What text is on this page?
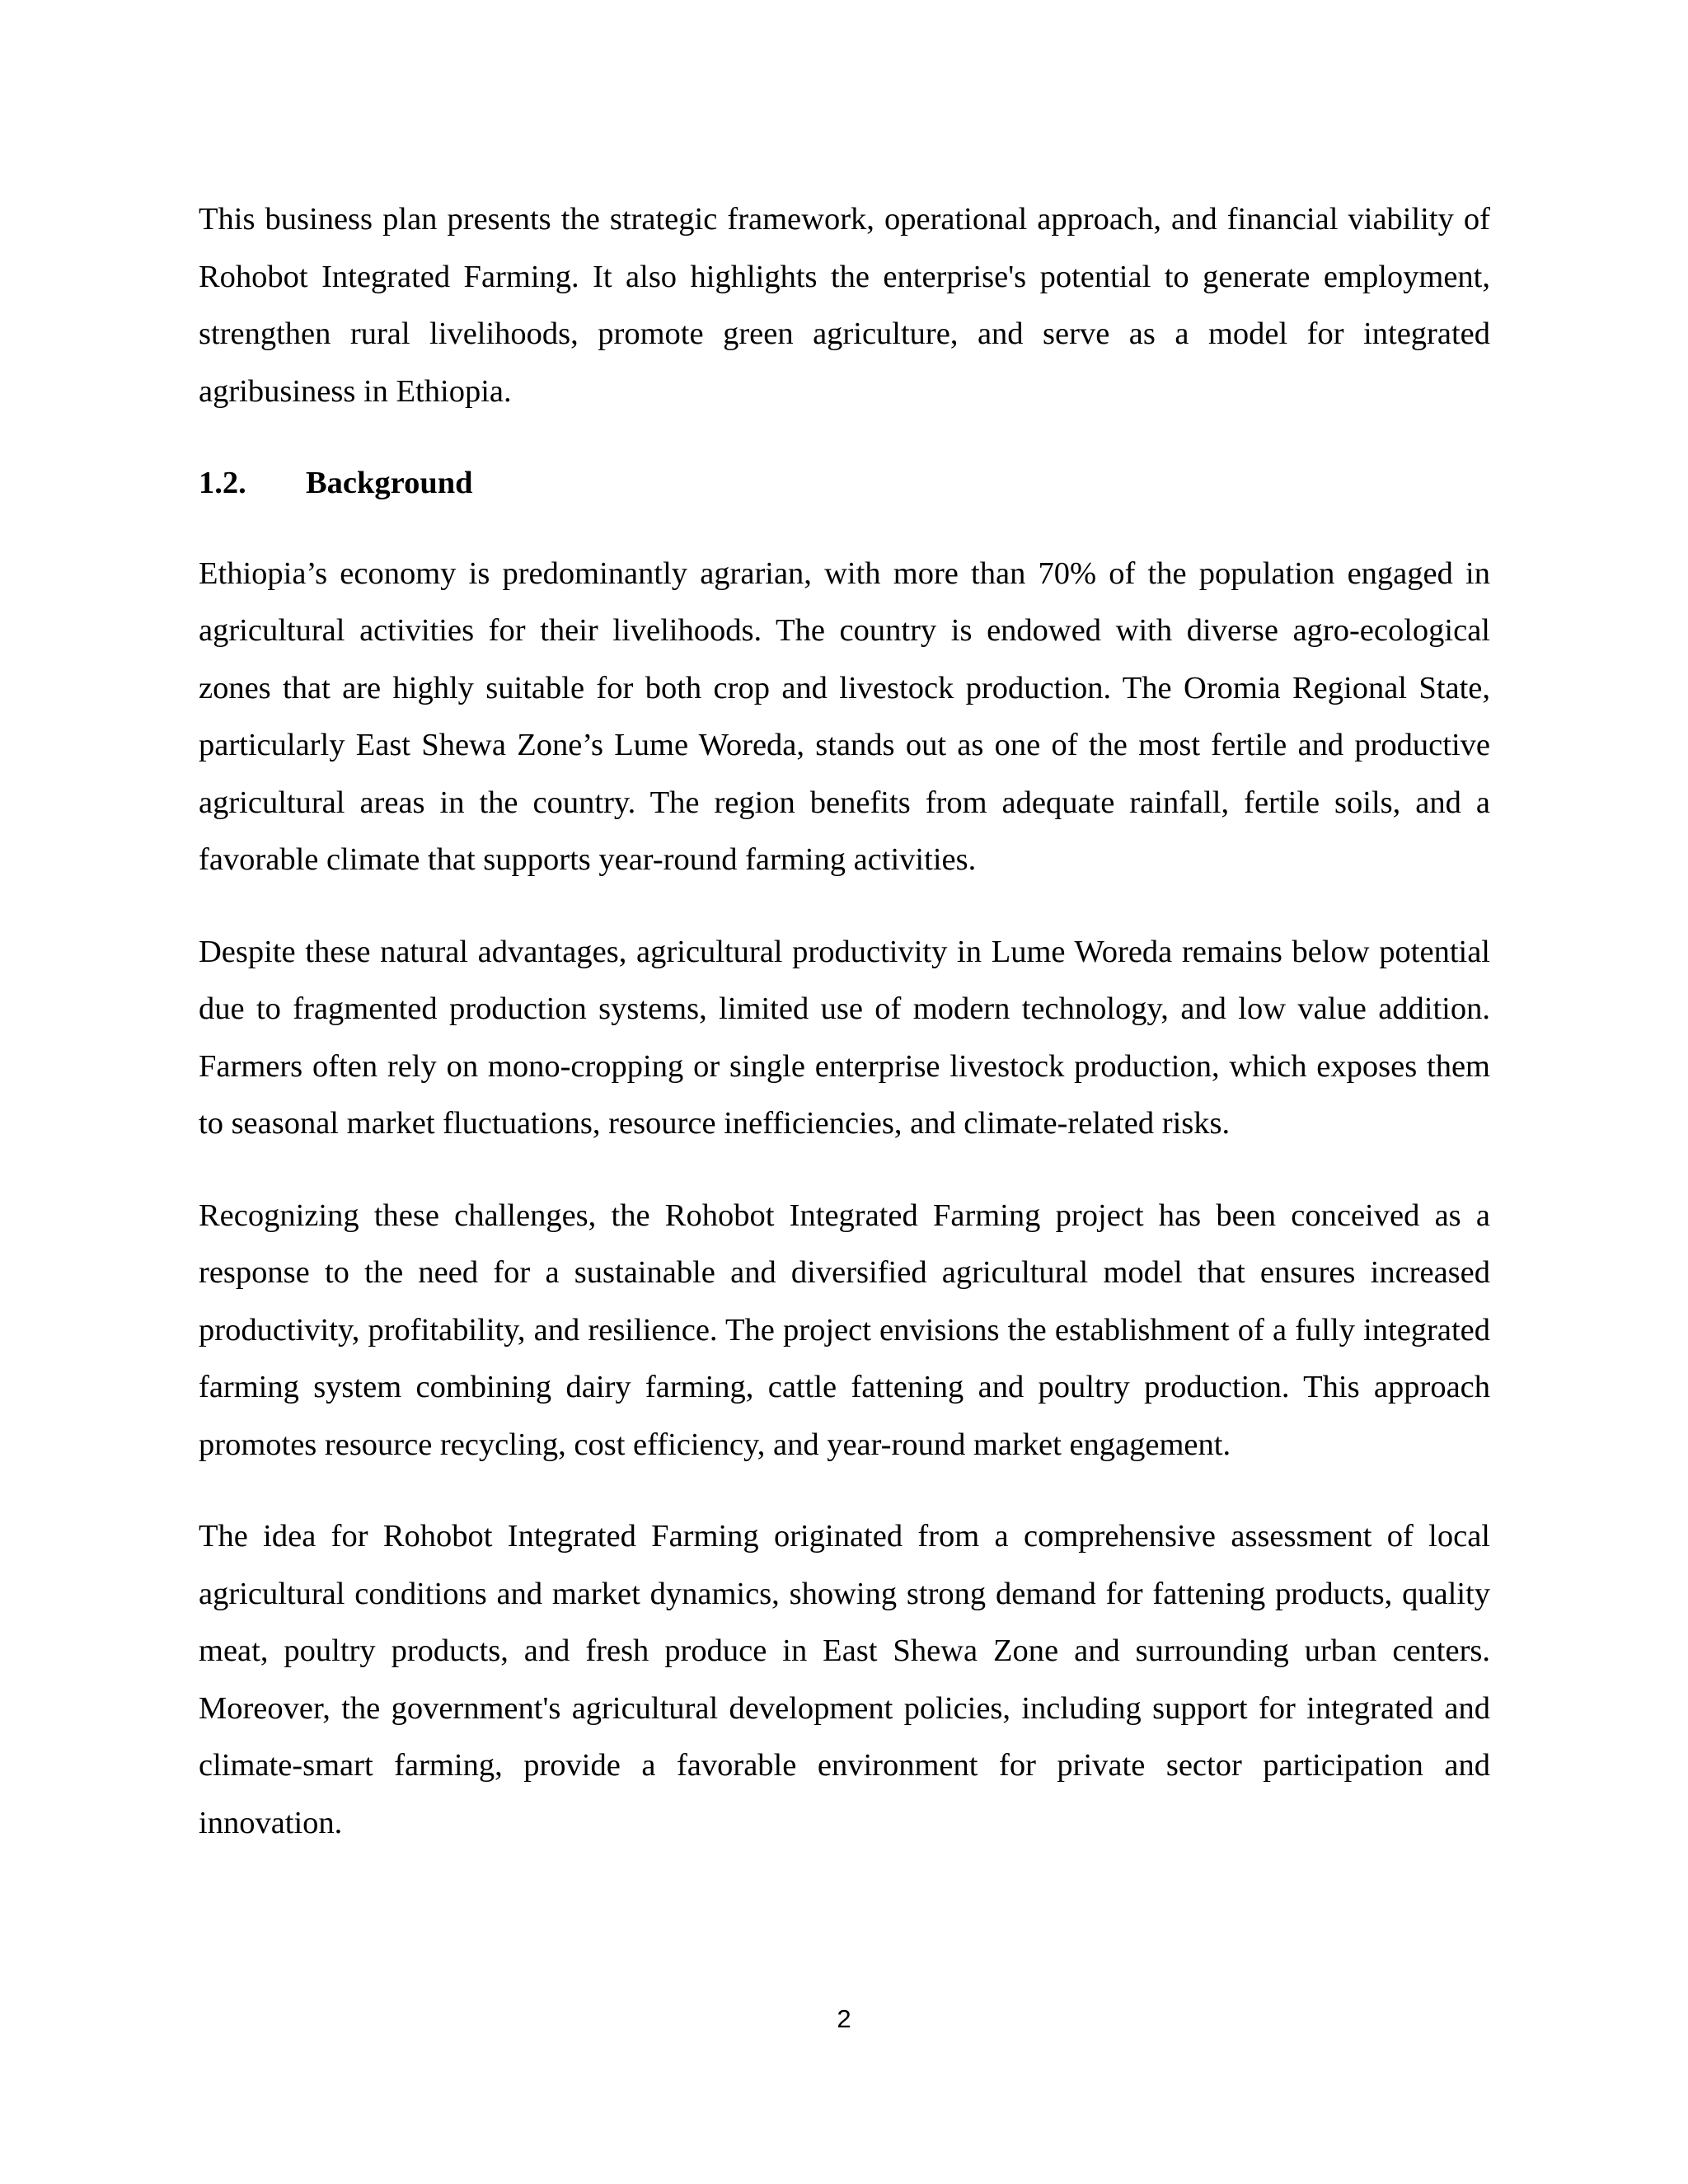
This business plan presents the strategic framework, operational approach, and financial viability of Rohobot Integrated Farming. It also highlights the enterprise's potential to generate employment, strengthen rural livelihoods, promote green agriculture, and serve as a model for integrated agribusiness in Ethiopia.

1.2.	Background

Ethiopia’s economy is predominantly agrarian, with more than 70% of the population engaged in agricultural activities for their livelihoods. The country is endowed with diverse agro-ecological zones that are highly suitable for both crop and livestock production. The Oromia Regional State, particularly East Shewa Zone’s Lume Woreda, stands out as one of the most fertile and productive agricultural areas in the country. The region benefits from adequate rainfall, fertile soils, and a favorable climate that supports year-round farming activities.

Despite these natural advantages, agricultural productivity in Lume Woreda remains below potential due to fragmented production systems, limited use of modern technology, and low value addition. Farmers often rely on mono-cropping or single enterprise livestock production, which exposes them to seasonal market fluctuations, resource inefficiencies, and climate-related risks.

Recognizing these challenges, the Rohobot Integrated Farming project has been conceived as a response to the need for a sustainable and diversified agricultural model that ensures increased productivity, profitability, and resilience. The project envisions the establishment of a fully integrated farming system combining dairy farming, cattle fattening and poultry production. This approach promotes resource recycling, cost efficiency, and year-round market engagement.

The idea for Rohobot Integrated Farming originated from a comprehensive assessment of local agricultural conditions and market dynamics, showing strong demand for fattening products, quality meat, poultry products, and fresh produce in East Shewa Zone and surrounding urban centers. Moreover, the government's agricultural development policies, including support for integrated and climate-smart farming, provide a favorable environment for private sector participation and innovation.

2
